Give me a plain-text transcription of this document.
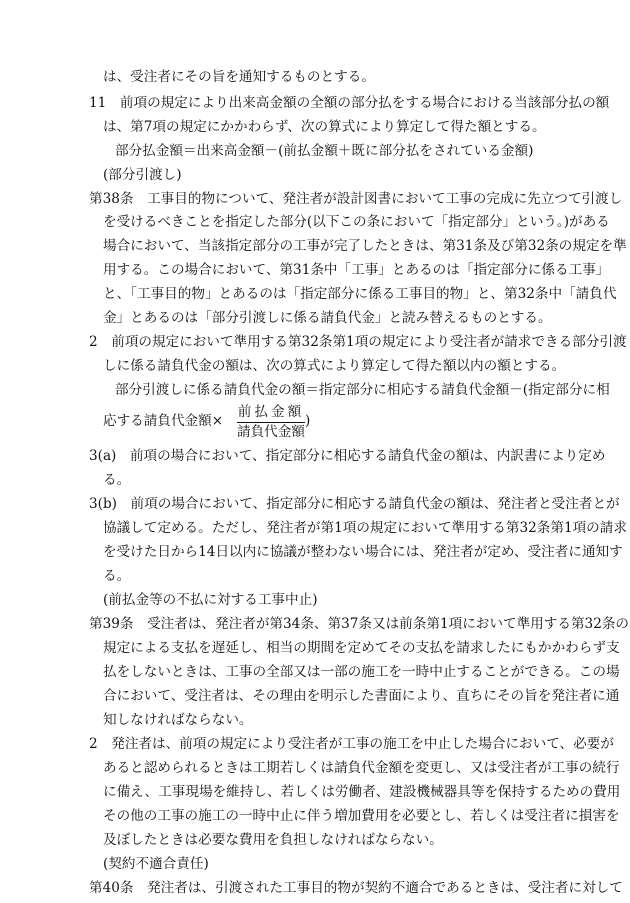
は、受注者にその旨を通知するものとする。
11　前項の規定により出来高金額の全額の部分払をする場合における当該部分払の額
は、第7項の規定にかかわらず、次の算式により算定して得た額とする。
部分払金額＝出来高金額－(前払金額＋既に部分払をされている金額)
(部分引渡し)
第38条　工事目的物について、発注者が設計図書において工事の完成に先立つて引渡し
を受けるべきことを指定した部分(以下この条において「指定部分」という。)がある
場合において、当該指定部分の工事が完了したときは、第31条及び第32条の規定を準
用する。この場合において、第31条中「工事」とあるのは「指定部分に係る工事」
と、「工事目的物」とあるのは「指定部分に係る工事目的物」と、第32条中「請負代
金」とあるのは「部分引渡しに係る請負代金」と読み替えるものとする。
2　前項の規定において準用する第32条第1項の規定により受注者が請求できる部分引渡
しに係る請負代金の額は、次の算式により算定して得た額以内の額とする。
部分引渡しに係る請負代金の額＝指定部分に相応する請負代金額－(指定部分に相
応する請負代金額×
3(a)　前項の場合において、指定部分に相応する請負代金の額は、内訳書により定め
る。
3(b)　前項の場合において、指定部分に相応する請負代金の額は、発注者と受注者とが
協議して定める。ただし、発注者が第1項の規定において準用する第32条第1項の請求
を受けた日から14日以内に協議が整わない場合には、発注者が定め、受注者に通知す
る。
(前払金等の不払に対する工事中止)
第39条　受注者は、発注者が第34条、第37条又は前条第1項において準用する第32条の
規定による支払を遅延し、相当の期間を定めてその支払を請求したにもかかわらず支
払をしないときは、工事の全部又は一部の施工を一時中止することができる。この場
合において、受注者は、その理由を明示した書面により、直ちにその旨を発注者に通
知しなければならない。
2　発注者は、前項の規定により受注者が工事の施工を中止した場合において、必要が
あると認められるときは工期若しくは請負代金額を変更し、又は受注者が工事の続行
に備え、工事現場を維持し、若しくは労働者、建設機械器具等を保持するための費用
その他の工事の施工の一時中止に伴う増加費用を必要とし、若しくは受注者に損害を
及ぼしたときは必要な費用を負担しなければならない。
(契約不適合責任)
第40条　発注者は、引渡された工事目的物が契約不適合であるときは、受注者に対して
前払金額
請負代金額
)
